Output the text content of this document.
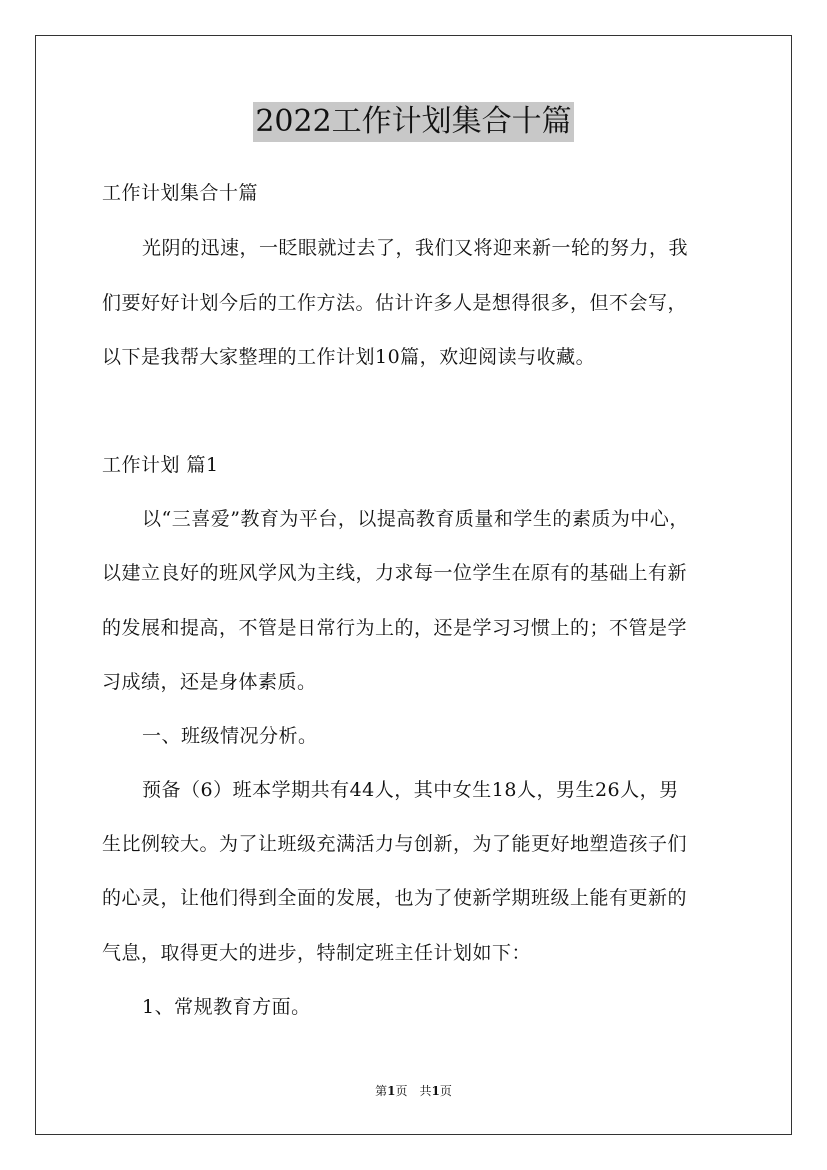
2022工作计划集合十篇
工作计划集合十篇
光阴的迅速，一眨眼就过去了，我们又将迎来新一轮的努力，我
们要好好计划今后的工作方法。估计许多人是想得很多，但不会写，
以下是我帮大家整理的工作计划10篇，欢迎阅读与收藏。
工作计划 篇1
以“三喜爱”教育为平台，以提高教育质量和学生的素质为中心，
以建立良好的班风学风为主线，力求每一位学生在原有的基础上有新
的发展和提高，不管是日常行为上的，还是学习习惯上的；不管是学
习成绩，还是身体素质。
一、班级情况分析。
预备（6）班本学期共有44人，其中女生18人，男生26人，男
生比例较大。为了让班级充满活力与创新，为了能更好地塑造孩子们
的心灵，让他们得到全面的发展，也为了使新学期班级上能有更新的
气息，取得更大的进步，特制定班主任计划如下：
1、常规教育方面。
第1页　共1页
